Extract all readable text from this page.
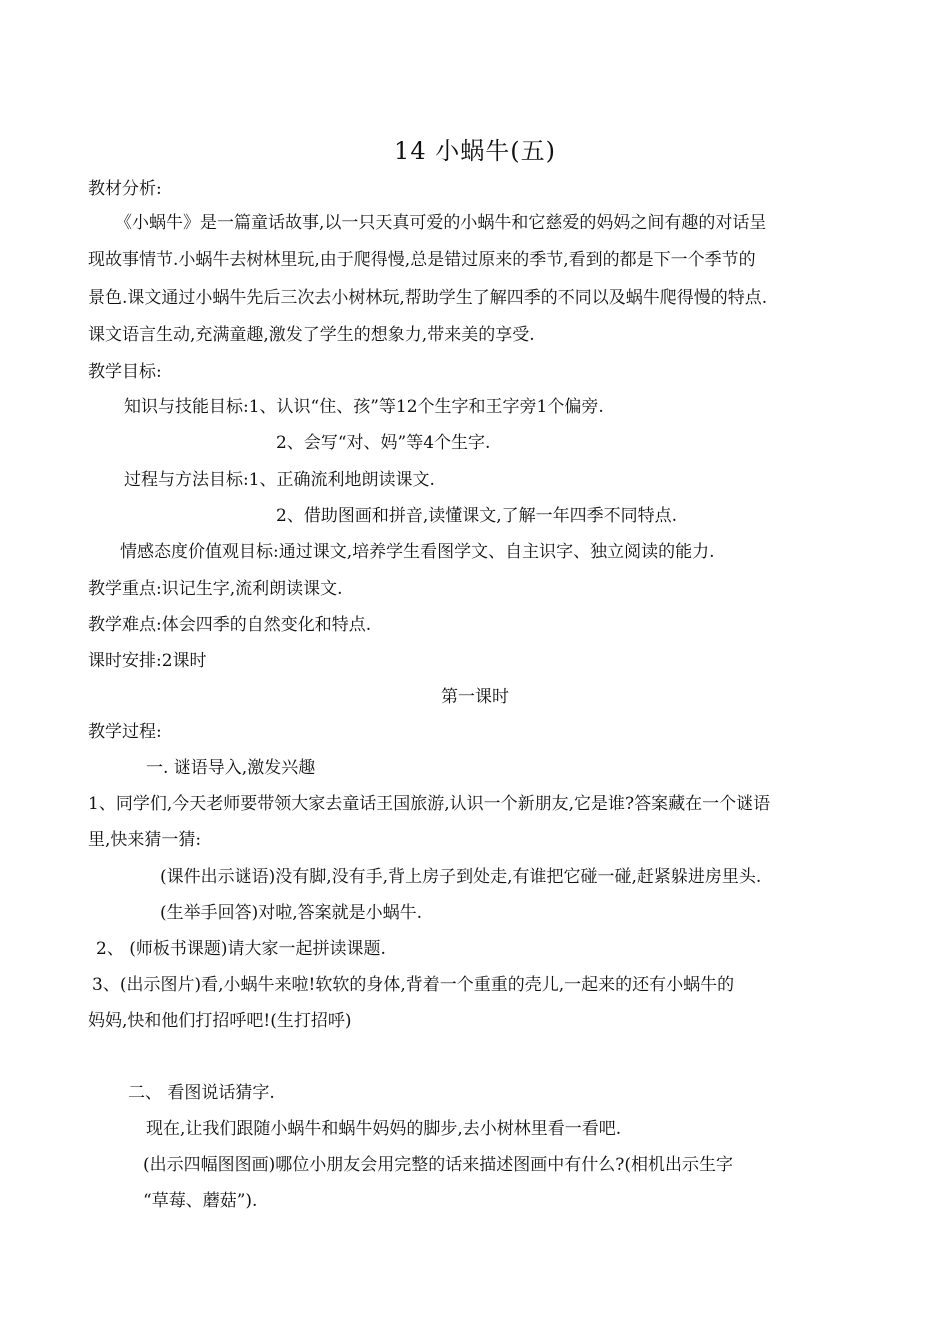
14 小蜗牛(五)
教材分析:
《小蜗牛》是一篇童话故事,以一只天真可爱的小蜗牛和它慈爱的妈妈之间有趣的对话呈
现故事情节.小蜗牛去树林里玩,由于爬得慢,总是错过原来的季节,看到的都是下一个季节的
景色.课文通过小蜗牛先后三次去小树林玩,帮助学生了解四季的不同以及蜗牛爬得慢的特点.
课文语言生动,充满童趣,激发了学生的想象力,带来美的享受.
教学目标:
知识与技能目标:1、认识“住、孩”等12个生字和王字旁1个偏旁.
2、会写“对、妈”等4个生字.
过程与方法目标:1、正确流利地朗读课文.
2、借助图画和拼音,读懂课文,了解一年四季不同特点.
情感态度价值观目标:通过课文,培养学生看图学文、自主识字、独立阅读的能力.
教学重点:识记生字,流利朗读课文.
教学难点:体会四季的自然变化和特点.
课时安排:2课时
第一课时
教学过程:
一. 谜语导入,激发兴趣
1、同学们,今天老师要带领大家去童话王国旅游,认识一个新朋友,它是谁?答案藏在一个谜语
里,快来猜一猜:
(课件出示谜语)没有脚,没有手,背上房子到处走,有谁把它碰一碰,赶紧躲进房里头.
(生举手回答)对啦,答案就是小蜗牛.
2、 (师板书课题)请大家一起拼读课题.
3、(出示图片)看,小蜗牛来啦!软软的身体,背着一个重重的壳儿,一起来的还有小蜗牛的
妈妈,快和他们打招呼吧!(生打招呼)
二、 看图说话猜字.
现在,让我们跟随小蜗牛和蜗牛妈妈的脚步,去小树林里看一看吧.
(出示四幅图图画)哪位小朋友会用完整的话来描述图画中有什么?(相机出示生字
“草莓、蘑菇”).
